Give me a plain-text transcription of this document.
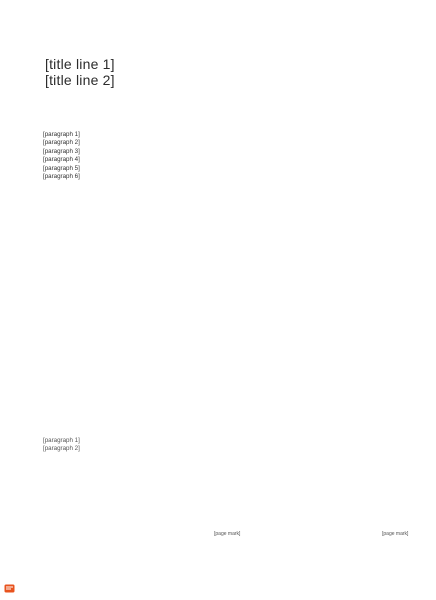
[title line 1]
[title line 2]

[paragraph 1]

[paragraph 2]

[paragraph 3]

[paragraph 4]

[paragraph 5]

[paragraph 6]

[paragraph 1]

[paragraph 2]

[page mark]	[page mark]
